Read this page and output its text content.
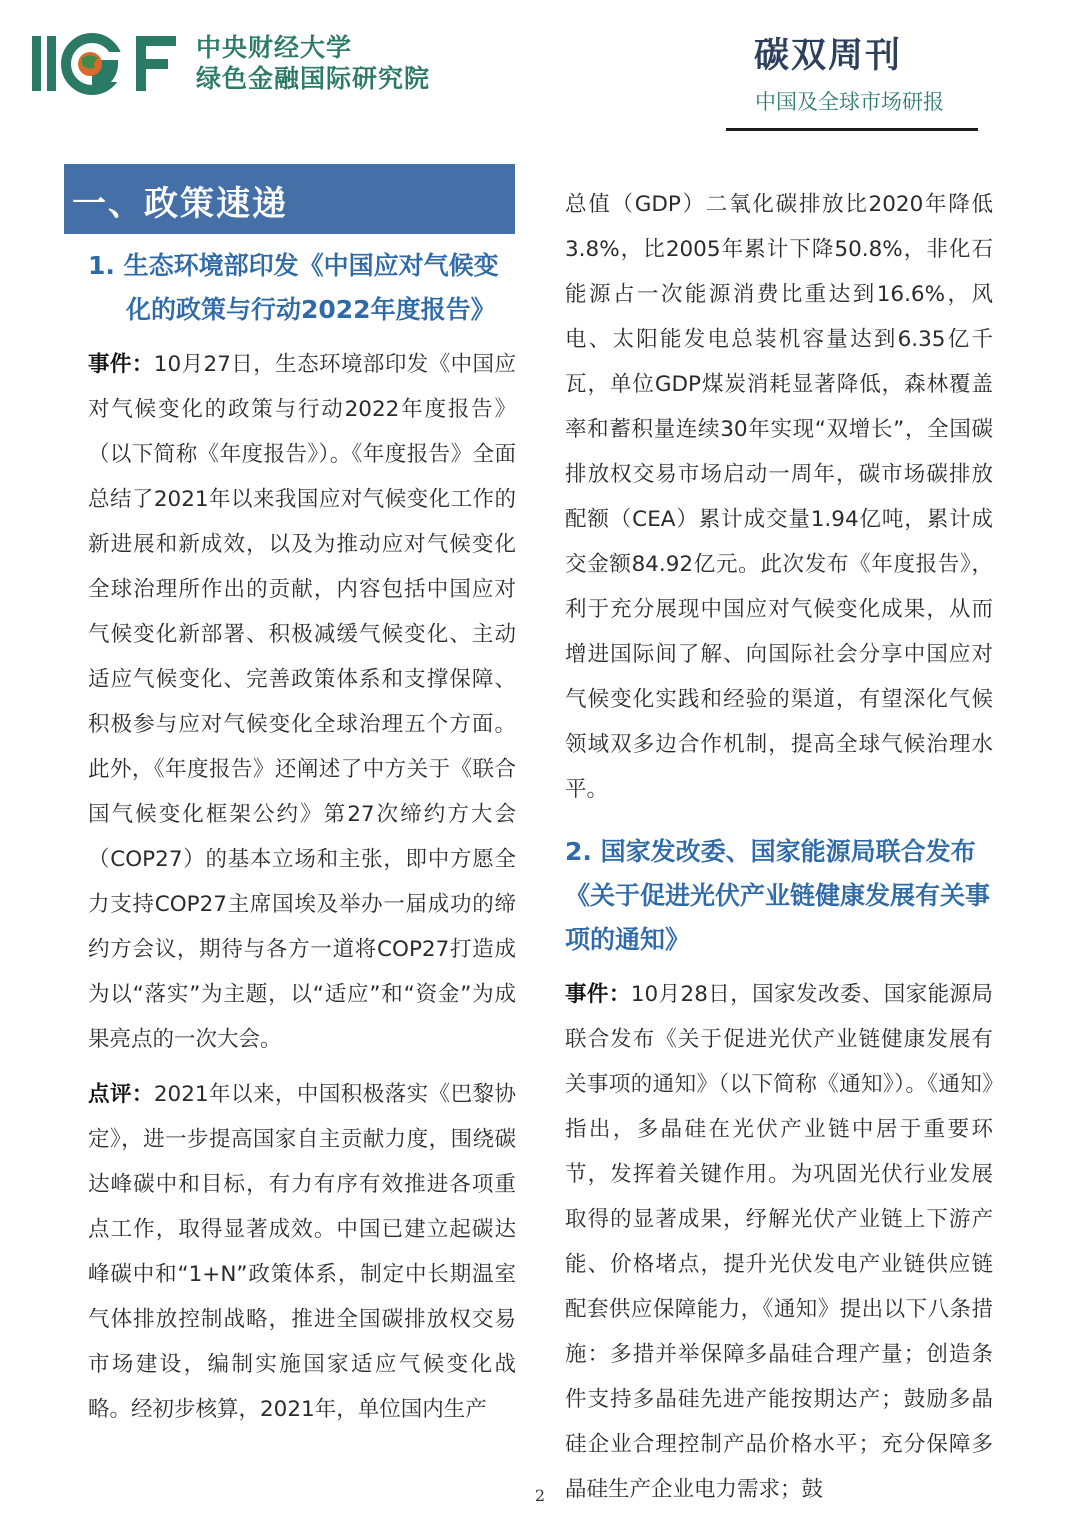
中央财经大学
绿色金融国际研究院
碳双周刊
中国及全球市场研报
一、政策速递
1. 生态环境部印发《中国应对气候变化的政策与行动2022年度报告》

事件：10月27日，生态环境部印发《中国应对气候变化的政策与行动2022年度报告》（以下简称《年度报告》）。《年度报告》全面总结了2021年以来我国应对气候变化工作的新进展和新成效，以及为推动应对气候变化全球治理所作出的贡献，内容包括中国应对气候变化新部署、积极减缓气候变化、主动适应气候变化、完善政策体系和支撑保障、积极参与应对气候变化全球治理五个方面。此外，《年度报告》还阐述了中方关于《联合国气候变化框架公约》第27次缔约方大会（COP27）的基本立场和主张，即中方愿全力支持COP27主席国埃及举办一届成功的缔约方会议，期待与各方一道将COP27打造成为以“落实”为主题，以“适应”和“资金”为成果亮点的一次大会。

点评：2021年以来，中国积极落实《巴黎协定》，进一步提高国家自主贡献力度，围绕碳达峰碳中和目标，有力有序有效推进各项重点工作，取得显著成效。中国已建立起碳达峰碳中和“1+N”政策体系，制定中长期温室气体排放控制战略，推进全国碳排放权交易市场建设，编制实施国家适应气候变化战略。经初步核算，2021年，单位国内生产

总值（GDP）二氧化碳排放比2020年降低3.8%，比2005年累计下降50.8%，非化石能源占一次能源消费比重达到16.6%，风电、太阳能发电总装机容量达到6.35亿千瓦，单位GDP煤炭消耗显著降低，森林覆盖率和蓄积量连续30年实现“双增长”，全国碳排放权交易市场启动一周年，碳市场碳排放配额（CEA）累计成交量1.94亿吨，累计成交金额84.92亿元。此次发布《年度报告》，利于充分展现中国应对气候变化成果，从而增进国际间了解、向国际社会分享中国应对气候变化实践和经验的渠道，有望深化气候领域双多边合作机制，提高全球气候治理水平。

2. 国家发改委、国家能源局联合发布《关于促进光伏产业链健康发展有关事项的通知》

事件：10月28日，国家发改委、国家能源局联合发布《关于促进光伏产业链健康发展有关事项的通知》（以下简称《通知》）。《通知》指出，多晶硅在光伏产业链中居于重要环节，发挥着关键作用。为巩固光伏行业发展取得的显著成果，纾解光伏产业链上下游产能、价格堵点，提升光伏发电产业链供应链配套供应保障能力，《通知》提出以下八条措施：多措并举保障多晶硅合理产量；创造条件支持多晶硅先进产能按期达产；鼓励多晶硅企业合理控制产品价格水平；充分保障多晶硅生产企业电力需求；鼓

2
